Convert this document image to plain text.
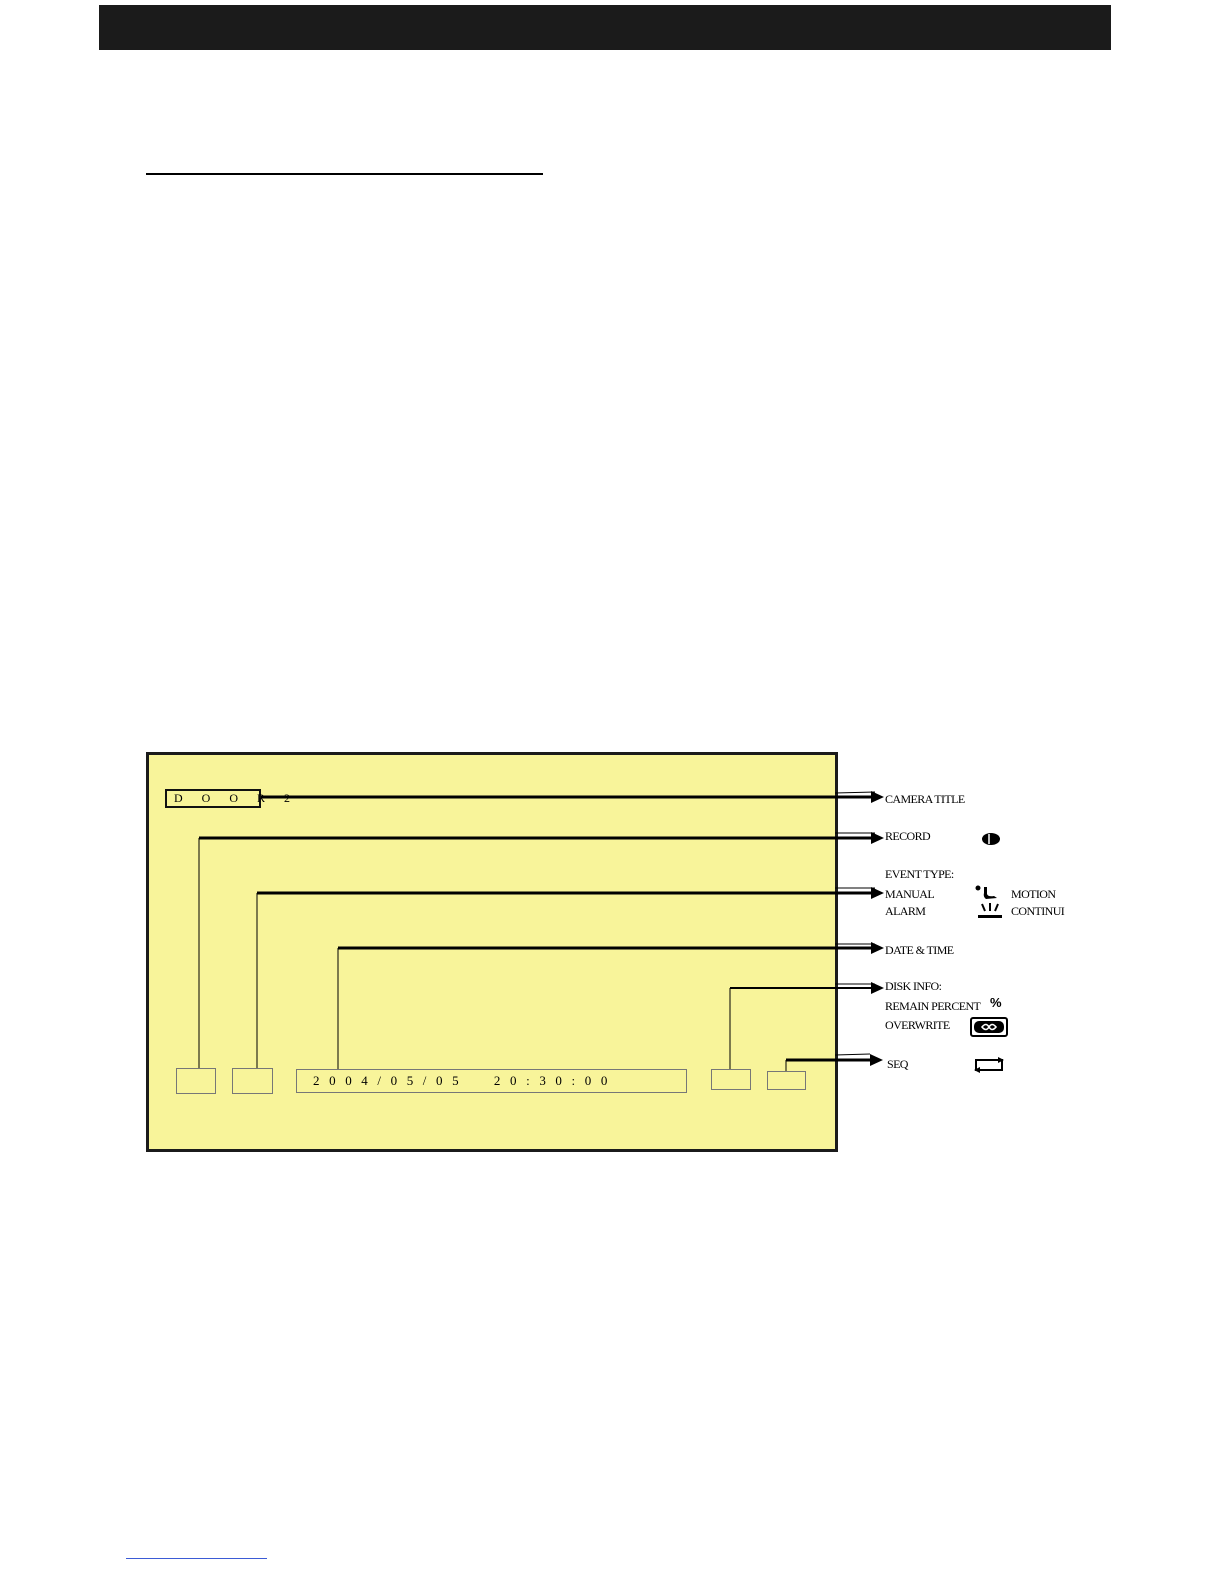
D O O R 2
2004/05/05  20:30:00
CAMERA TITLE
RECORD
EVENT TYPE:
MANUAL
ALARM
MOTION
CONTINUI
DATE & TIME
DISK INFO:
REMAIN PERCENT %
OVERWRITE
SEQ
